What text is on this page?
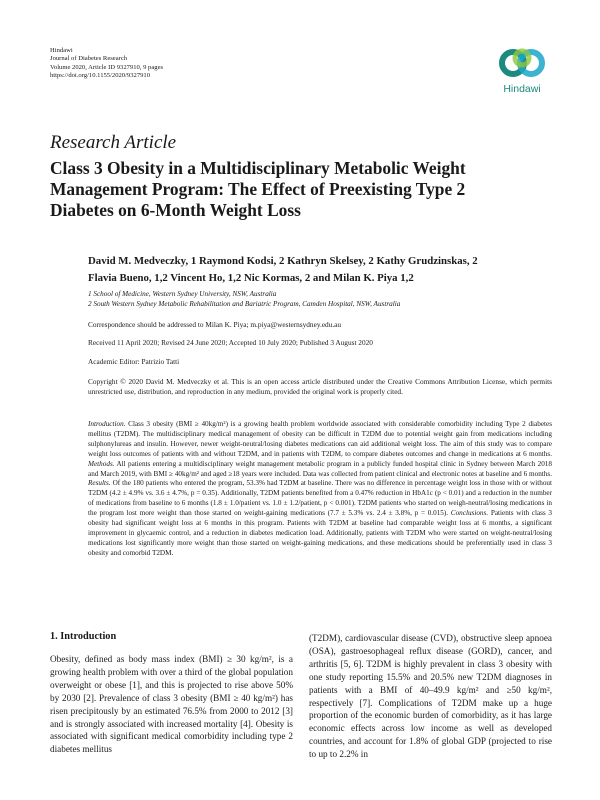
Hindawi
Journal of Diabetes Research
Volume 2020, Article ID 9327910, 9 pages
https://doi.org/10.1155/2020/9327910
Hindawi
Research Article
Class 3 Obesity in a Multidisciplinary Metabolic Weight Management Program: The Effect of Preexisting Type 2 Diabetes on 6-Month Weight Loss
David M. Medveczky, 1 Raymond Kodsi, 2 Kathryn Skelsey, 2 Kathy Grudzinskas, 2
Flavia Bueno, 1,2 Vincent Ho, 1,2 Nic Kormas, 2 and Milan K. Piya 1,2
1 School of Medicine, Western Sydney University, NSW, Australia
2 South Western Sydney Metabolic Rehabilitation and Bariatric Program, Camden Hospital, NSW, Australia
Correspondence should be addressed to Milan K. Piya; m.piya@westernsydney.edu.au
Received 11 April 2020; Revised 24 June 2020; Accepted 10 July 2020; Published 3 August 2020
Academic Editor: Patrizio Tatti
Copyright © 2020 David M. Medveczky et al. This is an open access article distributed under the Creative Commons Attribution License, which permits unrestricted use, distribution, and reproduction in any medium, provided the original work is properly cited.
Introduction. Class 3 obesity (BMI ≥ 40kg/m²) is a growing health problem worldwide associated with considerable comorbidity including Type 2 diabetes mellitus (T2DM). The multidisciplinary medical management of obesity can be difficult in T2DM due to potential weight gain from medications including sulphonylureas and insulin. However, newer weight-neutral/losing diabetes medications can aid additional weight loss. The aim of this study was to compare weight loss outcomes of patients with and without T2DM, and in patients with T2DM, to compare diabetes outcomes and change in medications at 6 months. Methods. All patients entering a multidisciplinary weight management metabolic program in a publicly funded hospital clinic in Sydney between March 2018 and March 2019, with BMI ≥ 40kg/m² and aged ≥18 years were included. Data was collected from patient clinical and electronic notes at baseline and 6 months. Results. Of the 180 patients who entered the program, 53.3% had T2DM at baseline. There was no difference in percentage weight loss in those with or without T2DM (4.2 ± 4.9% vs. 3.6 ± 4.7%, p = 0.35). Additionally, T2DM patients benefited from a 0.47% reduction in HbA1c (p < 0.01) and a reduction in the number of medications from baseline to 6 months (1.8 ± 1.0/patient vs. 1.0 ± 1.2/patient, p < 0.001). T2DM patients who started on weigh-neutral/losing medications in the program lost more weight than those started on weight-gaining medications (7.7 ± 5.3% vs. 2.4 ± 3.8%, p = 0.015). Conclusions. Patients with class 3 obesity had significant weight loss at 6 months in this program. Patients with T2DM at baseline had comparable weight loss at 6 months, a significant improvement in glycaemic control, and a reduction in diabetes medication load. Additionally, patients with T2DM who were started on weight-neutral/losing medications lost significantly more weight than those started on weight-gaining medications, and these medications should be preferentially used in class 3 obesity and comorbid T2DM.
1. Introduction
Obesity, defined as body mass index (BMI) ≥ 30 kg/m², is a growing health problem with over a third of the global population overweight or obese [1], and this is projected to rise above 50% by 2030 [2]. Prevalence of class 3 obesity (BMI ≥ 40 kg/m²) has risen precipitously by an estimated 76.5% from 2000 to 2012 [3] and is strongly associated with increased mortality [4]. Obesity is associated with significant medical comorbidity including type 2 diabetes mellitus
(T2DM), cardiovascular disease (CVD), obstructive sleep apnoea (OSA), gastroesophageal reflux disease (GORD), cancer, and arthritis [5, 6]. T2DM is highly prevalent in class 3 obesity with one study reporting 15.5% and 20.5% new T2DM diagnoses in patients with a BMI of 40–49.9 kg/m² and ≥50 kg/m², respectively [7]. Complications of T2DM make up a huge proportion of the economic burden of comorbidity, as it has large economic effects across low income as well as developed countries, and account for 1.8% of global GDP (projected to rise to up to 2.2% in
